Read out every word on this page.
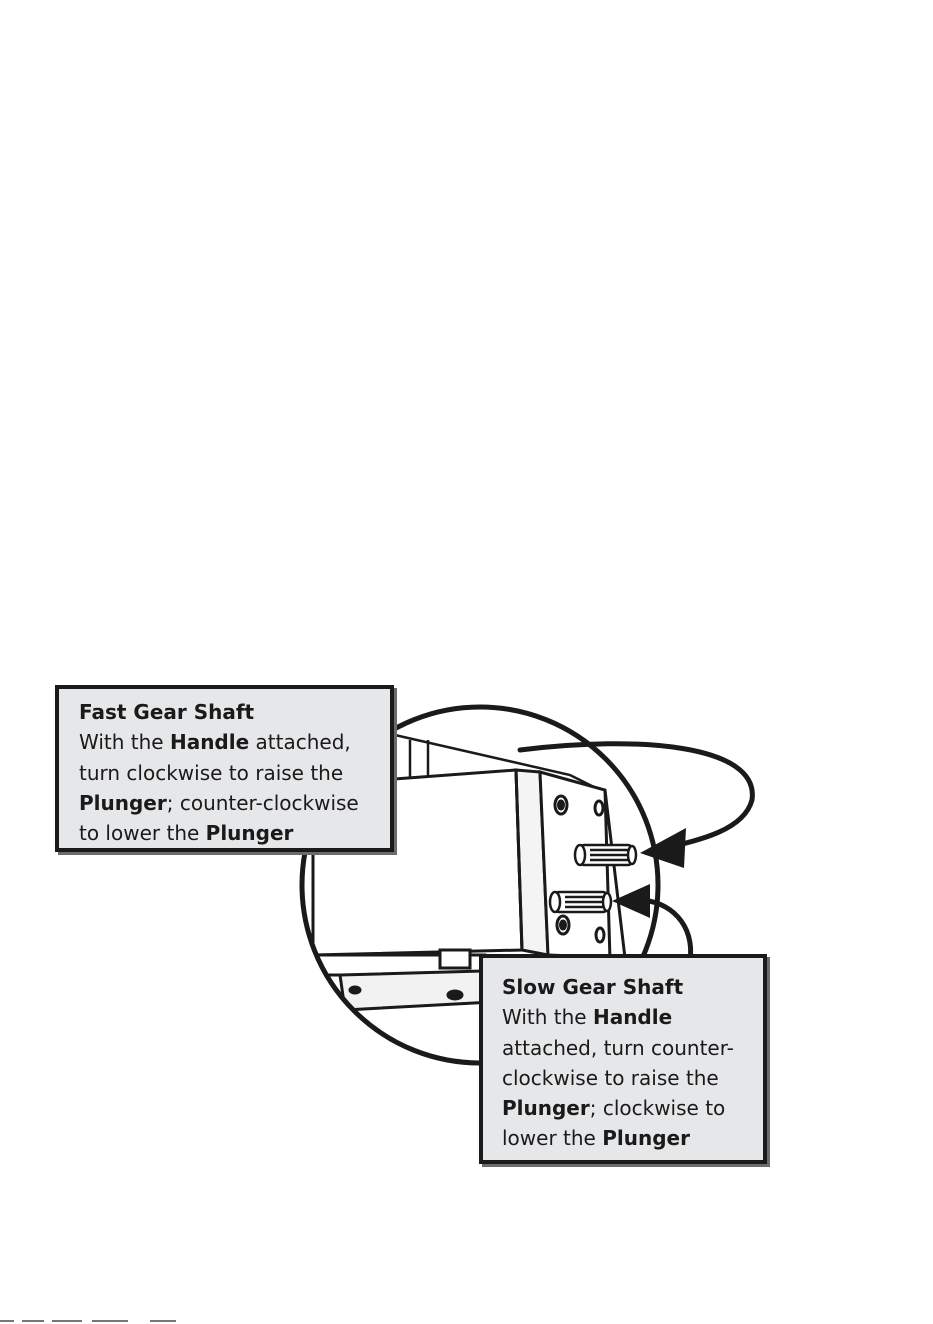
Fast Gear Shaft
With the Handle attached,
turn clockwise to raise the
Plunger; counter-clockwise
to lower the Plunger
Slow Gear Shaft
With the Handle
attached, turn counter-
clockwise to raise the
Plunger; clockwise to
lower the Plunger
